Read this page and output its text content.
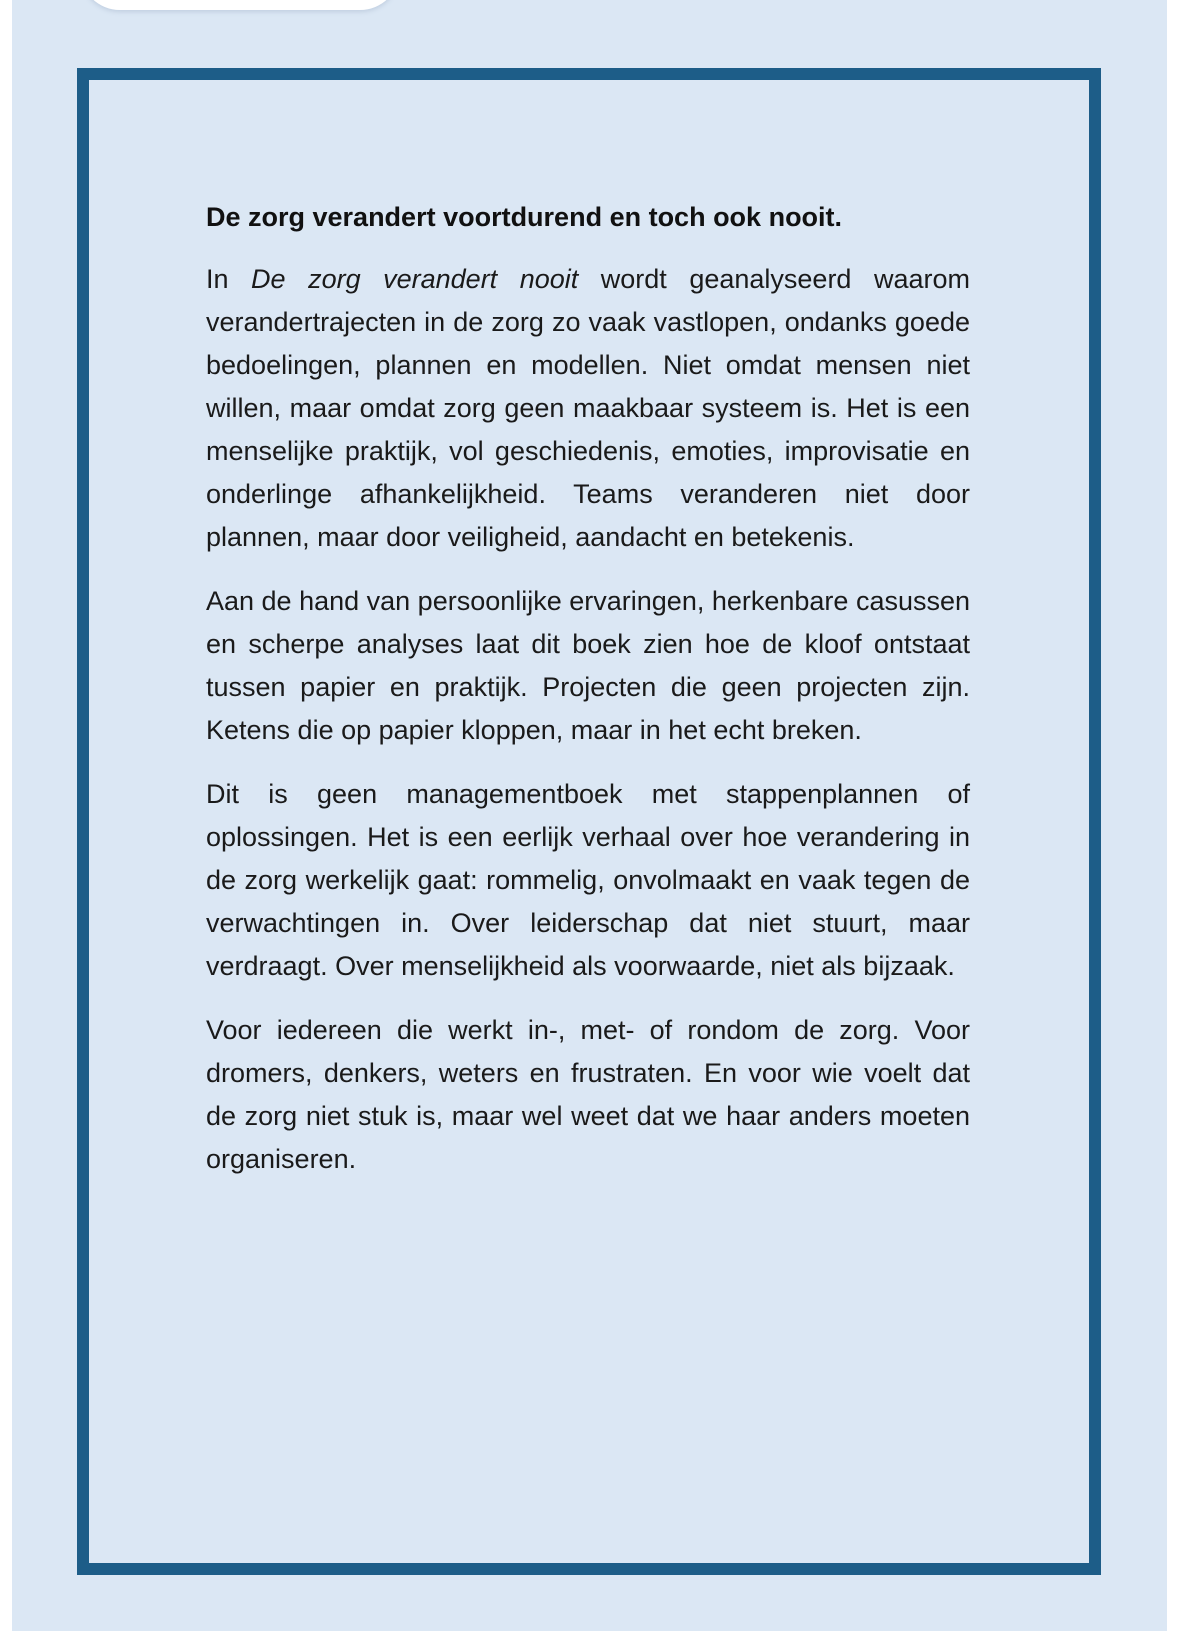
De zorg verandert voortdurend en toch ook nooit.

In De zorg verandert nooit wordt geanalyseerd waarom verandertrajecten in de zorg zo vaak vastlopen, ondanks goede bedoelingen, plannen en modellen. Niet omdat mensen niet willen, maar omdat zorg geen maakbaar systeem is. Het is een menselijke praktijk, vol geschiedenis, emoties, improvisatie en onderlinge afhankelijkheid. Teams veranderen niet door plannen, maar door veiligheid, aandacht en betekenis.

Aan de hand van persoonlijke ervaringen, herkenbare casussen en scherpe analyses laat dit boek zien hoe de kloof ontstaat tussen papier en praktijk. Projecten die geen projecten zijn. Ketens die op papier kloppen, maar in het echt breken.

Dit is geen managementboek met stappenplannen of oplossingen. Het is een eerlijk verhaal over hoe verandering in de zorg werkelijk gaat: rommelig, onvolmaakt en vaak tegen de verwachtingen in. Over leiderschap dat niet stuurt, maar verdraagt. Over menselijkheid als voorwaarde, niet als bijzaak.

Voor iedereen die werkt in-, met- of rondom de zorg. Voor dromers, denkers, weters en frustraten. En voor wie voelt dat de zorg niet stuk is, maar wel weet dat we haar anders moeten organiseren.
